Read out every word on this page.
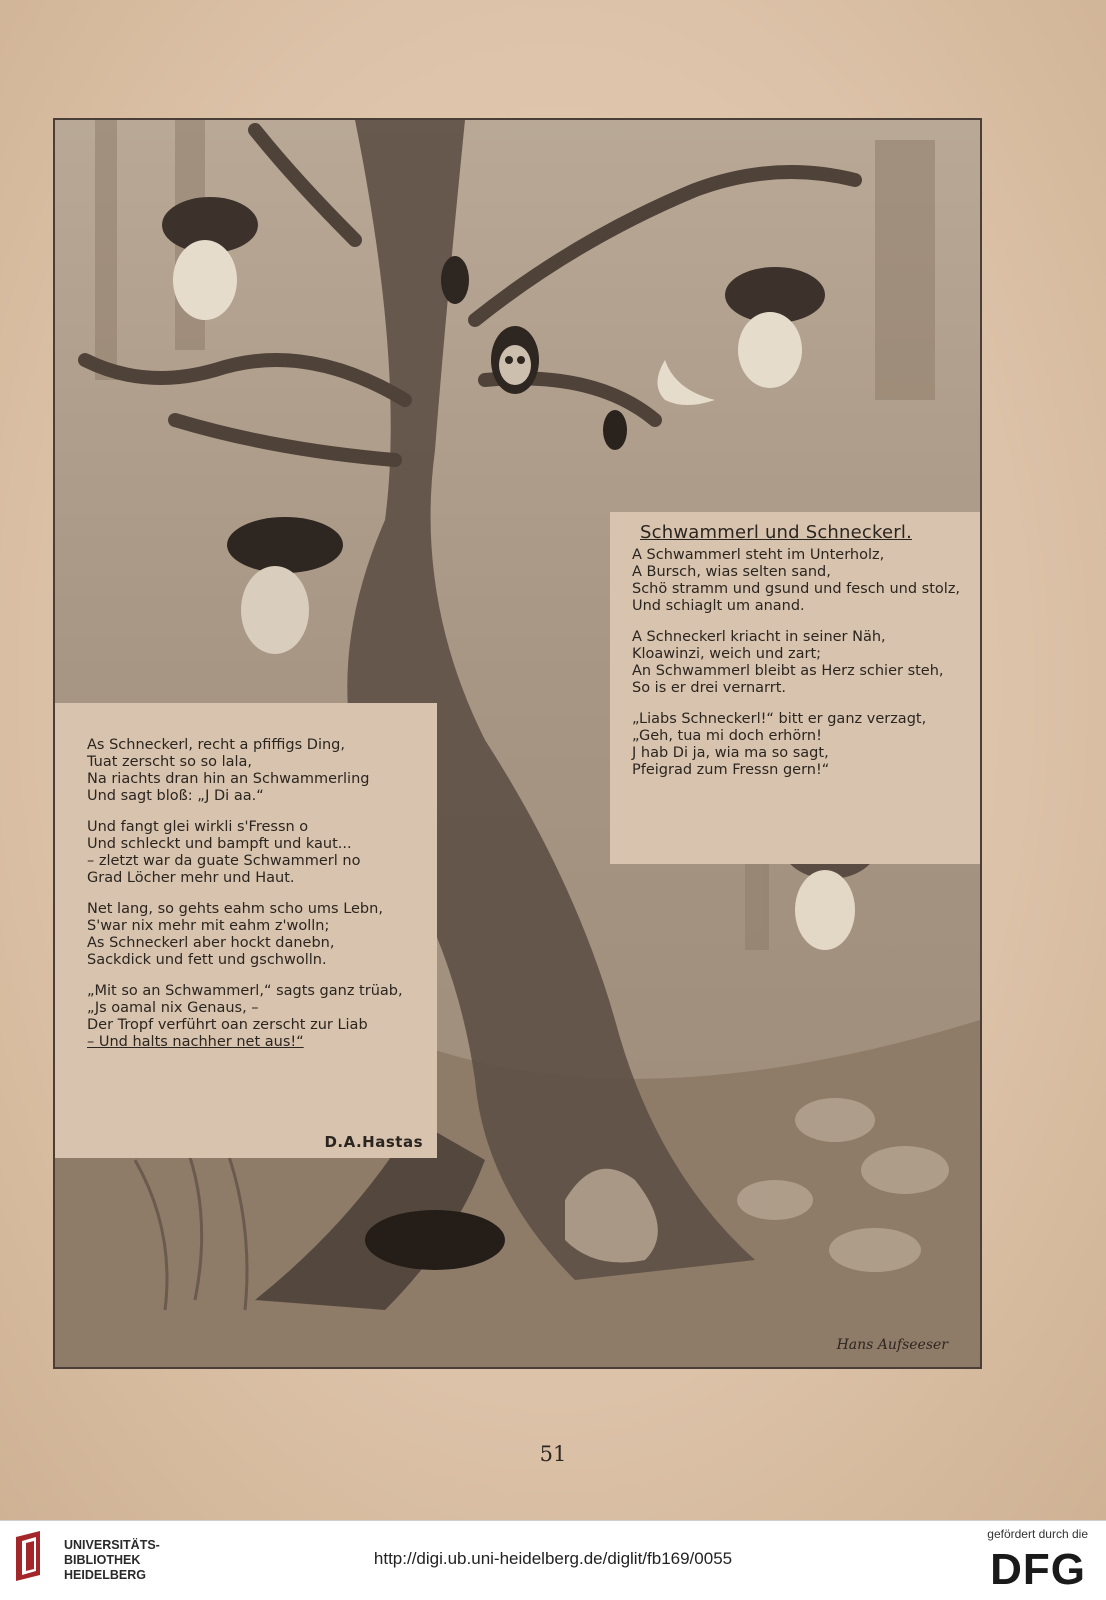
Schwammerl und Schneckerl.
A Schwammerl steht im Unterholz,
A Bursch, wias selten sand,
Schö stramm und gsund und fesch und stolz,
Und schiaglt um anand.
A Schneckerl kriacht in seiner Näh,
Kloawinzi, weich und zart;
An Schwammerl bleibt as Herz schier steh,
So is er drei vernarrt.
„Liabs Schneckerl!“ bitt er ganz verzagt,
„Geh, tua mi doch erhörn!
J hab Di ja, wia ma so sagt,
Pfeigrad zum Fressn gern!“
As Schneckerl, recht a pfiffigs Ding,
Tuat zerscht so so lala,
Na riachts dran hin an Schwammerling
Und sagt bloß: „J Di aa.“
Und fangt glei wirkli s'Fressn o
Und schleckt und bampft und kaut...
– zletzt war da guate Schwammerl no
Grad Löcher mehr und Haut.
Net lang, so gehts eahm scho ums Lebn,
S'war nix mehr mit eahm z'wolln;
As Schneckerl aber hockt danebn,
Sackdick und fett und gschwolln.
„Mit so an Schwammerl,“ sagts ganz trüab,
„Js oamal nix Genaus, –
Der Tropf verführt oan zerscht zur Liab
– Und halts nachher net aus!“
D.A.Hastas
Hans Aufseeser
51
UNIVERSITÄTS-BIBLIOTHEK HEIDELBERG
http://digi.ub.uni-heidelberg.de/diglit/fb169/0055
gefördert durch die
DFG
